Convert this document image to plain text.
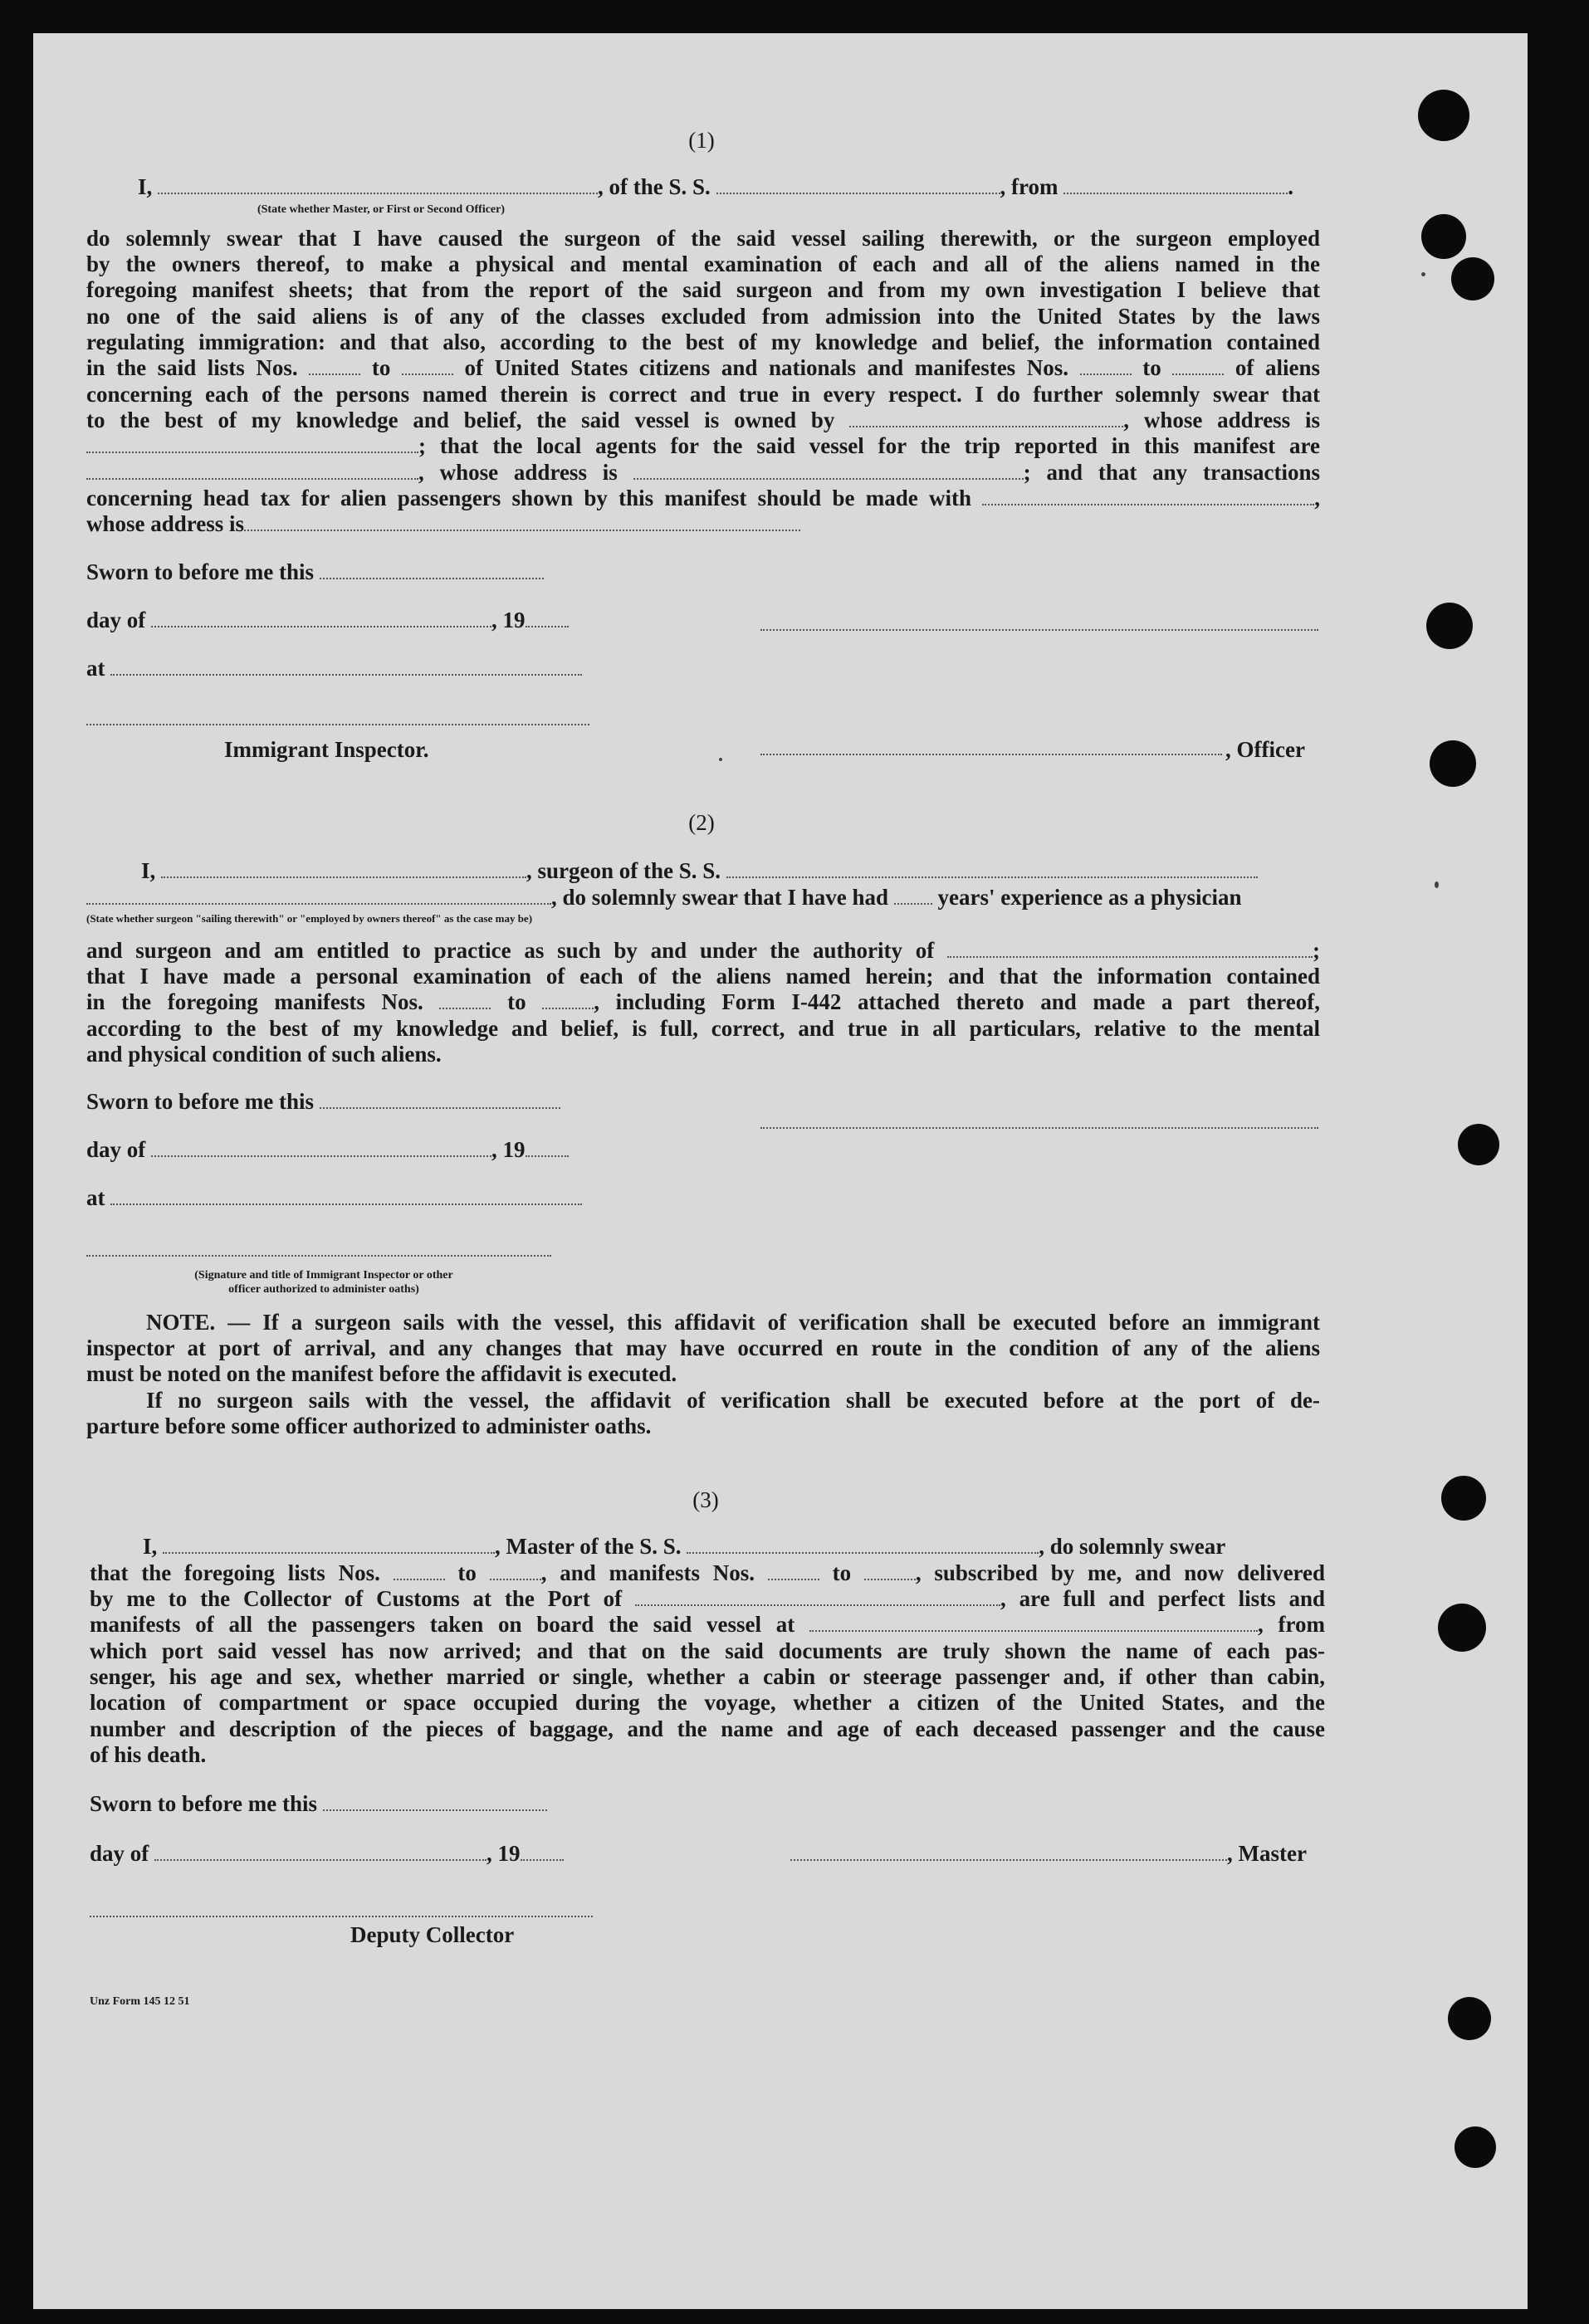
(1)
I,	, of the S. S.	, from	.
(State whether Master, or First or Second Officer)
do solemnly swear that I have caused the surgeon of the said vessel sailing therewith, or the surgeon employed
by the owners thereof, to make a physical and mental examination of each and all of the aliens named in the
foregoing manifest sheets; that from the report of the said surgeon and from my own investigation I believe that
no one of the said aliens is of any of the classes excluded from admission into the United States by the laws
regulating immigration: and that also, according to the best of my knowledge and belief, the information contained
in the said lists Nos.	to	of United States citizens and nationals and manifestes Nos.	to	of aliens
concerning each of the persons named therein is correct and true in every respect. I do further solemnly swear that
to the best of my knowledge and belief, the said vessel is owned by	, whose address is
; that the local agents for the said vessel for the trip reported in this manifest are
, whose address is	; and that any transactions
concerning head tax for alien passengers shown by this manifest should be made with	,
whose address is
Sworn to before me this
day of	, 19
at
Immigrant Inspector.	, Officer
(2)
I,	, surgeon of the S. S.
, do solemnly swear that I have had years' experience as a physician
(State whether surgeon "sailing therewith" or "employed by owners thereof" as the case may be)
and surgeon and am entitled to practice as such by and under the authority of	;
that I have made a personal examination of each of the aliens named herein; and that the information contained
in the foregoing manifests Nos.	to	, including Form I-442 attached thereto and made a part thereof,
according to the best of my knowledge and belief, is full, correct, and true in all particulars, relative to the mental
and physical condition of such aliens.
Sworn to before me this
day of	, 19
at
(Signature and title of Immigrant Inspector or other
officer authorized to administer oaths)
NOTE. — If a surgeon sails with the vessel, this affidavit of verification shall be executed before an immigrant
inspector at port of arrival, and any changes that may have occurred en route in the condition of any of the aliens
must be noted on the manifest before the affidavit is executed.
If no surgeon sails with the vessel, the affidavit of verification shall be executed before at the port of de-
parture before some officer authorized to administer oaths.
(3)
I,	, Master of the S. S.	, do solemnly swear
that the foregoing lists Nos.	to	, and manifests Nos.	to	, subscribed by me, and now delivered
by me to the Collector of Customs at the Port of	, are full and perfect lists and
manifests of all the passengers taken on board the said vessel at	, from
which port said vessel has now arrived; and that on the said documents are truly shown the name of each pas-
senger, his age and sex, whether married or single, whether a cabin or steerage passenger and, if other than cabin,
location of compartment or space occupied during the voyage, whether a citizen of the United States, and the
number and description of the pieces of baggage, and the name and age of each deceased passenger and the cause
of his death.
Sworn to before me this
day of	, 19	, Master
Deputy Collector
Unz Form 145 12 51
